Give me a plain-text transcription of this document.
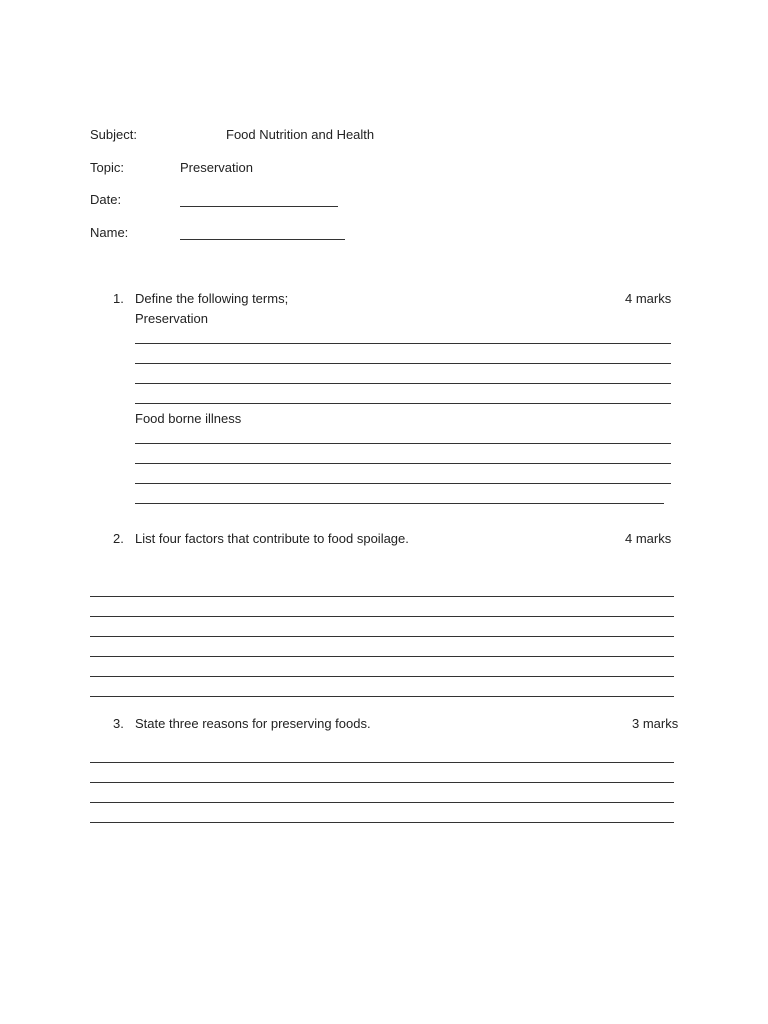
Subject:	Food Nutrition and Health
Topic:	Preservation
Date:
Name:
1. Define the following terms;	4 marks
Preservation
Food borne illness
2. List four factors that contribute to food spoilage.	4 marks
3. State three reasons for preserving foods.	3 marks
